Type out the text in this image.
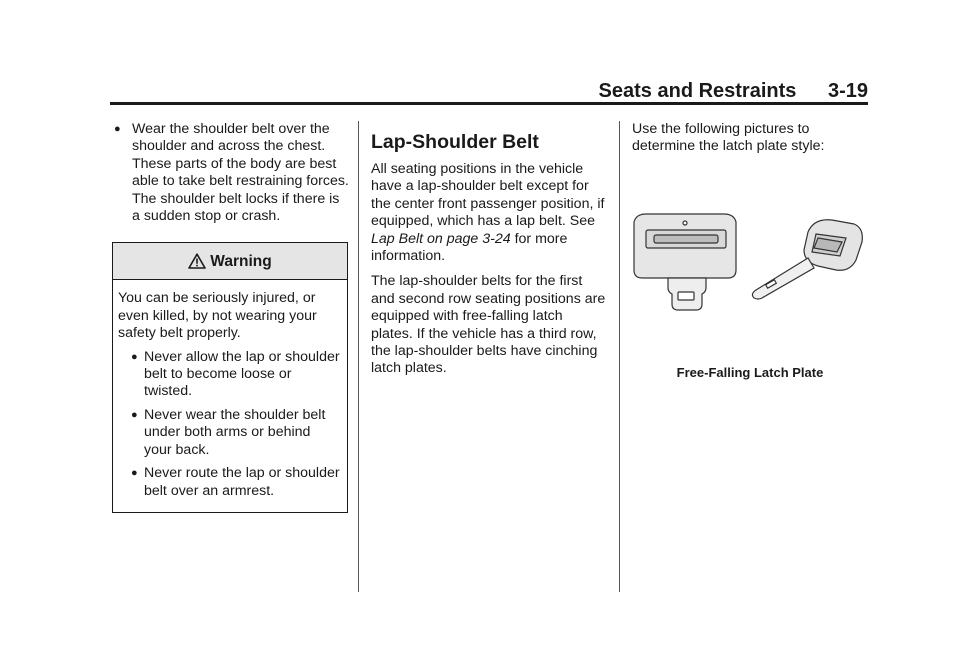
Seats and Restraints 3-19
● Wear the shoulder belt over the shoulder and across the chest. These parts of the body are best able to take belt restraining forces. The shoulder belt locks if there is a sudden stop or crash.
Warning

You can be seriously injured, or even killed, by not wearing your safety belt properly.

● Never allow the lap or shoulder belt to become loose or twisted.
● Never wear the shoulder belt under both arms or behind your back.
● Never route the lap or shoulder belt over an armrest.
Lap-Shoulder Belt

All seating positions in the vehicle have a lap-shoulder belt except for the center front passenger position, if equipped, which has a lap belt. See Lap Belt on page 3-24 for more information.

The lap-shoulder belts for the first and second row seating positions are equipped with free-falling latch plates. If the vehicle has a third row, the lap-shoulder belts have cinching latch plates.

Use the following pictures to determine the latch plate style:

Free-Falling Latch Plate
